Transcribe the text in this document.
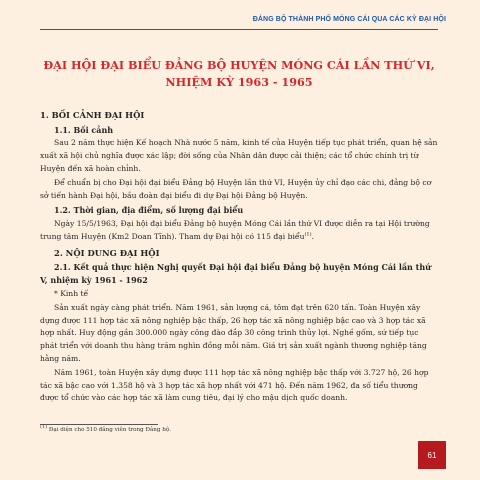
ĐẢNG BỘ THÀNH PHỐ MÓNG CÁI QUA CÁC KỲ ĐẠI HỘI
ĐẠI HỘI ĐẠI BIỂU ĐẢNG BỘ HUYỆN MÓNG CÁI LẦN THỨ VI,
NHIỆM KỲ 1963 - 1965
1. BỐI CẢNH ĐẠI HỘI
1.1. Bối cảnh

Sau 2 năm thực hiện Kế hoạch Nhà nước 5 năm, kinh tế của Huyện tiếp tục phát triển, quan hệ sản xuất xã hội chủ nghĩa được xác lập; đời sống của Nhân dân được cải thiện; các tổ chức chính trị từ Huyện đến xã hoàn chỉnh.

Để chuẩn bị cho Đại hội đại biểu Đảng bộ Huyện lần thứ VI, Huyện ủy chỉ đạo các chi, đảng bộ cơ sở tiến hành Đại hội, bầu đoàn đại biểu đi dự Đại hội Đảng bộ Huyện.

1.2. Thời gian, địa điểm, số lượng đại biểu

Ngày 15/5/1963, Đại hội đại biểu Đảng bộ huyện Móng Cái lần thứ VI được diễn ra tại Hội trường trung tâm Huyện (Km2 Doan Tĩnh). Tham dự Đại hội có 115 đại biểu$^{(1)}$.

2. NỘI DUNG ĐẠI HỘI
2.1. Kết quả thực hiện Nghị quyết Đại hội đại biểu Đảng bộ huyện Móng Cái lần thứ V, nhiệm kỳ 1961 - 1962

* Kinh tế

Sản xuất ngày càng phát triển. Năm 1961, sản lượng cá, tôm đạt trên 620 tấn. Toàn Huyện xây dựng được 111 hợp tác xã nông nghiệp bậc thấp, 26 hợp tác xã nông nghiệp bậc cao và 3 hợp tác xã hợp nhất. Huy động gần 300.000 ngày công đào đắp 30 công trình thủy lợi. Nghề gốm, sứ tiếp tục phát triển với doanh thu hàng trăm nghìn đồng mỗi năm. Giá trị sản xuất ngành thương nghiệp tăng hằng năm.

Năm 1961, toàn Huyện xây dựng được 111 hợp tác xã nông nghiệp bậc thấp với 3.727 hộ, 26 hợp tác xã bậc cao với 1.358 hộ và 3 hợp tác xã hợp nhất với 471 hộ. Đến năm 1962, đa số tiểu thương được tổ chức vào các hợp tác xã làm cung tiêu, đại lý cho mậu dịch quốc doanh.

(1) Đại diện cho 510 đảng viên trong Đảng bộ.
61
